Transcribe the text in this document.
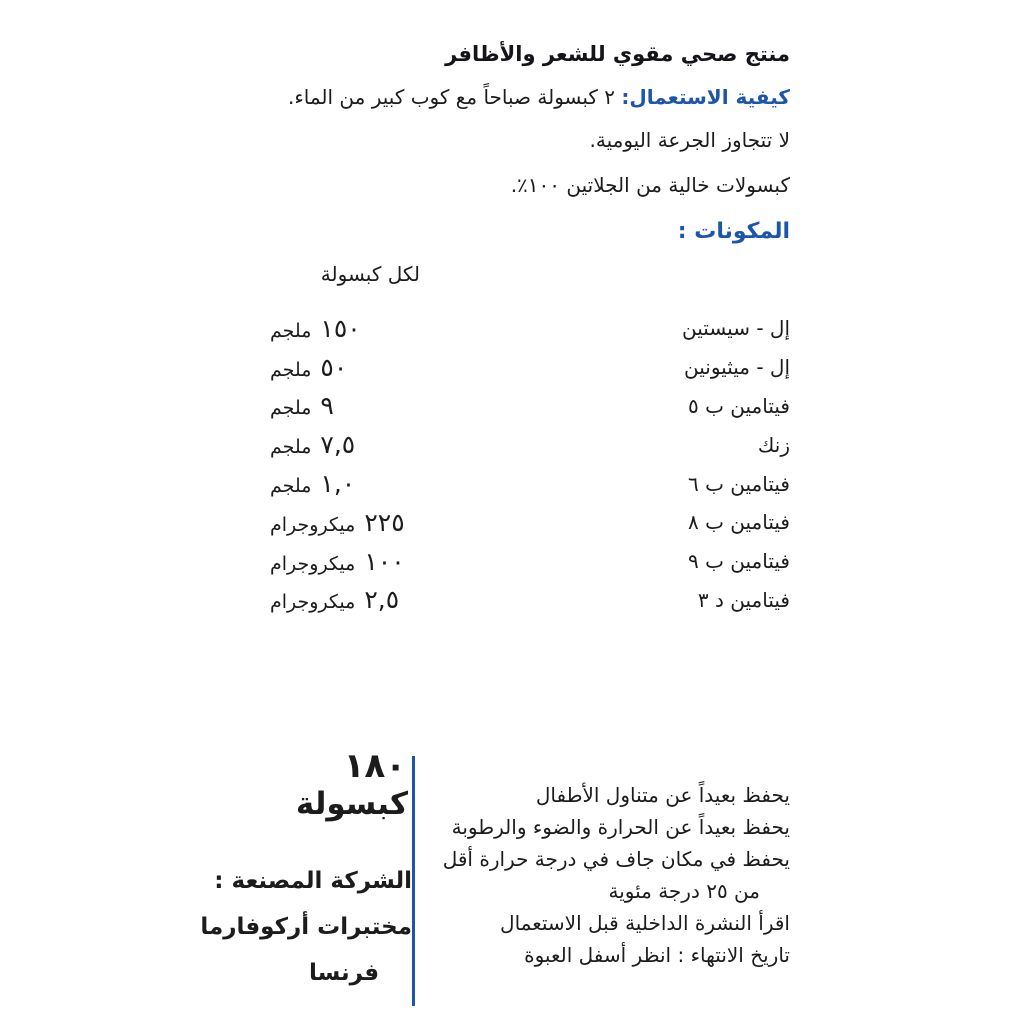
منتج صحي مقوي للشعر والأظافر
كيفية الاستعمال: ٢ كبسولة صباحاً مع كوب كبير من الماء.
لا تتجاوز الجرعة اليومية.
كبسولات خالية من الجلاتين ١٠٠٪.
المكونات :
لكل كبسولة
إل - سيستين
١٥٠ملجم
إل - ميثيونين
٥٠ملجم
فيتامين ب ٥
٩ملجم
زنك
٧,٥ملجم
فيتامين ب ٦
١,٠ملجم
فيتامين ب ٨
٢٢٥ميكروجرام
فيتامين ب ٩
١٠٠ميكروجرام
فيتامين د ٣
٢,٥ميكروجرام
١٨٠
كبسولة
الشركة المصنعة :
مختبرات أركوفارما
فرنسا
يحفظ بعيداً عن متناول الأطفال
يحفظ بعيداً عن الحرارة والضوء والرطوبة
يحفظ في مكان جاف في درجة حرارة أقل
من ٢٥ درجة مئوية
اقرأ النشرة الداخلية قبل الاستعمال
تاريخ الانتهاء : انظر أسفل العبوة
